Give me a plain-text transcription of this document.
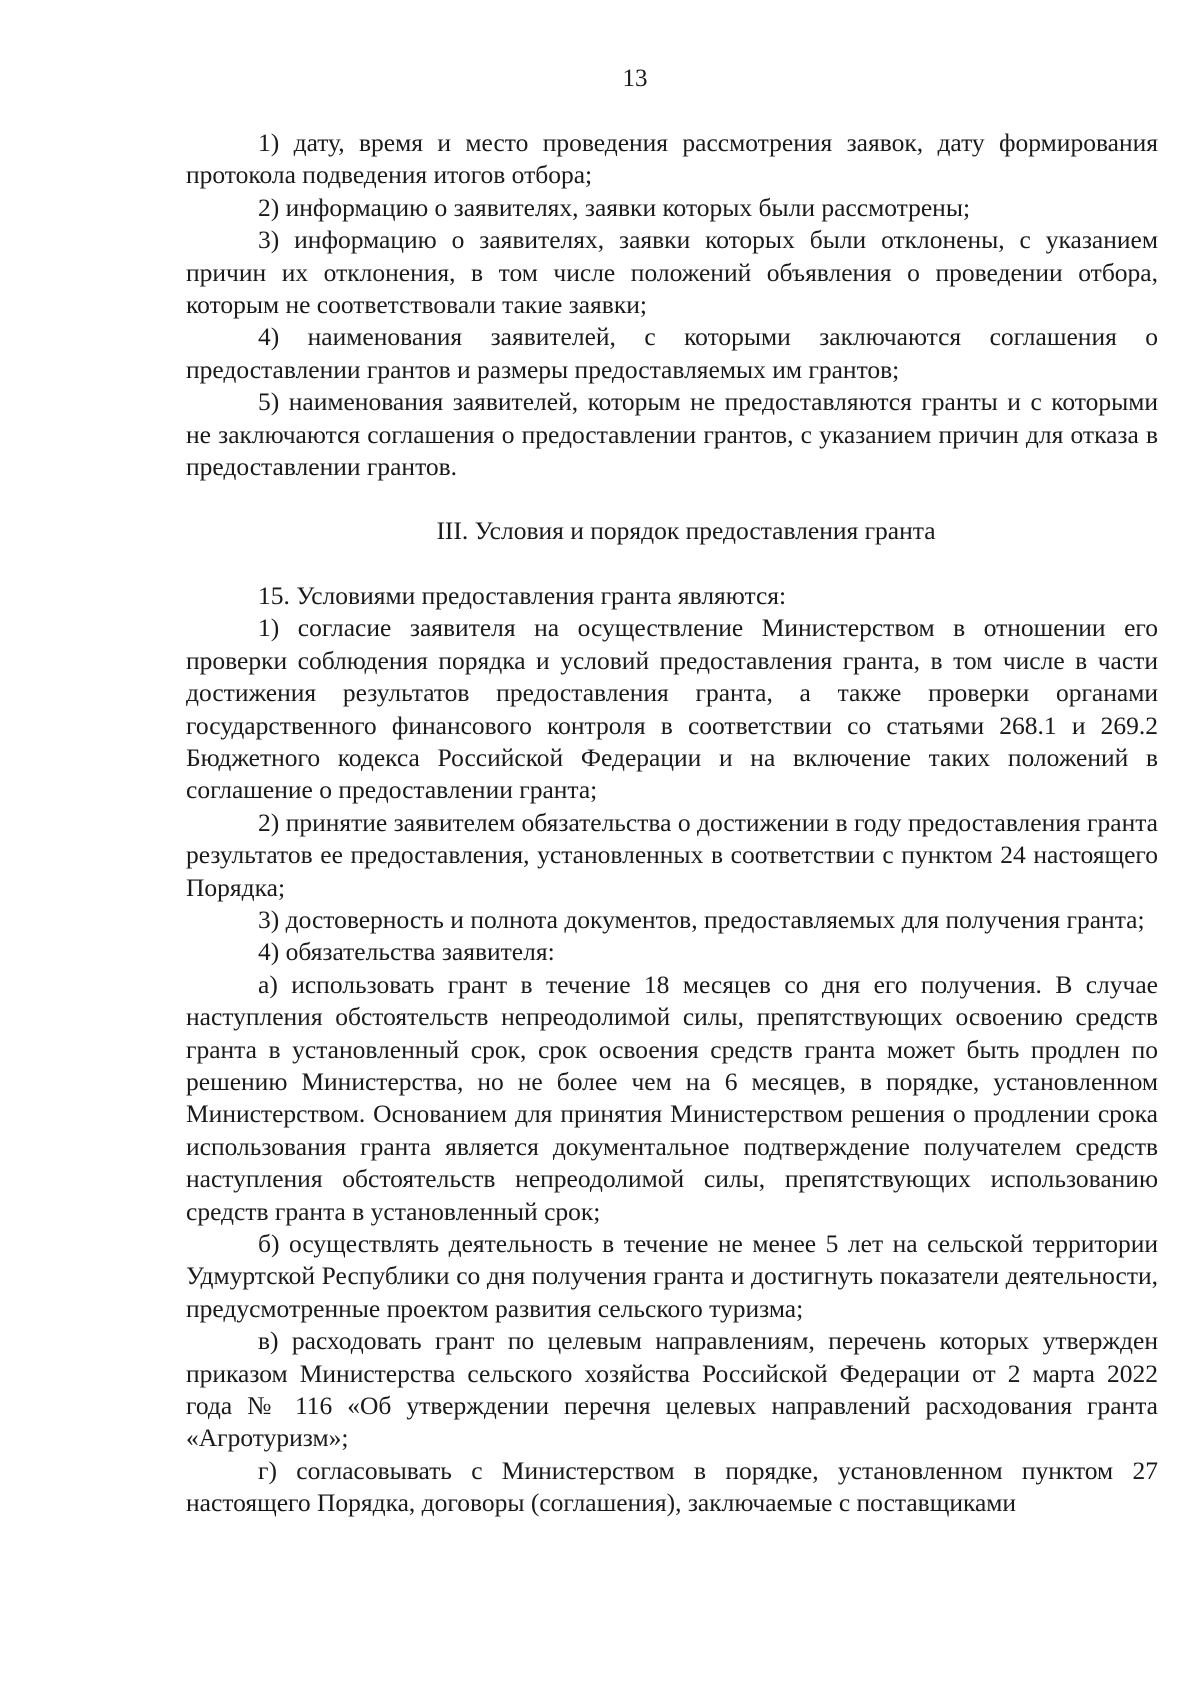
13

1) дату, время и место проведения рассмотрения заявок, дату формирования протокола подведения итогов отбора;

2) информацию о заявителях, заявки которых были рассмотрены;

3) информацию о заявителях, заявки которых были отклонены, с указанием причин их отклонения, в том числе положений объявления о проведении отбора, которым не соответствовали такие заявки;

4) наименования заявителей, с которыми заключаются соглашения о предоставлении грантов и размеры предоставляемых им грантов;

5) наименования заявителей, которым не предоставляются гранты и с которыми не заключаются соглашения о предоставлении грантов, с указанием причин для отказа в предоставлении грантов.

III. Условия и порядок предоставления гранта

15. Условиями предоставления гранта являются:

1) согласие заявителя на осуществление Министерством в отношении его проверки соблюдения порядка и условий предоставления гранта, в том числе в части достижения результатов предоставления гранта, а также проверки органами государственного финансового контроля в соответствии со статьями 268.1 и 269.2 Бюджетного кодекса Российской Федерации и на включение таких положений в соглашение о предоставлении гранта;

2) принятие заявителем обязательства о достижении в году предоставления гранта результатов ее предоставления, установленных в соответствии с пунктом 24 настоящего Порядка;

3) достоверность и полнота документов, предоставляемых для получения гранта;

4) обязательства заявителя:

а) использовать грант в течение 18 месяцев со дня его получения. В случае наступления обстоятельств непреодолимой силы, препятствующих освоению средств гранта в установленный срок, срок освоения средств гранта может быть продлен по решению Министерства, но не более чем на 6 месяцев, в порядке, установленном Министерством. Основанием для принятия Министерством решения о продлении срока использования гранта является документальное подтверждение получателем средств наступления обстоятельств непреодолимой силы, препятствующих использованию средств гранта в установленный срок;

б) осуществлять деятельность в течение не менее 5 лет на сельской территории Удмуртской Республики со дня получения гранта и достигнуть показатели деятельности, предусмотренные проектом развития сельского туризма;

в) расходовать грант по целевым направлениям, перечень которых утвержден приказом Министерства сельского хозяйства Российской Федерации от 2 марта 2022 года № 116 «Об утверждении перечня целевых направлений расходования гранта «Агротуризм»;

г) согласовывать с Министерством в порядке, установленном пунктом 27 настоящего Порядка, договоры (соглашения), заключаемые с поставщиками
